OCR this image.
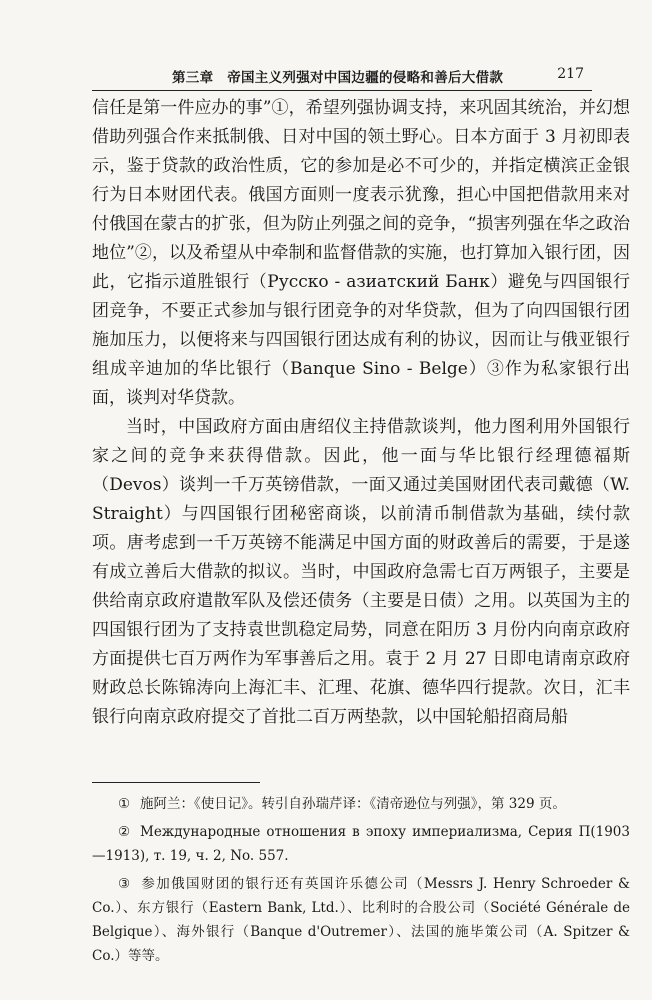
第三章　帝国主义列强对中国边疆的侵略和善后大借款	217

信任是第一件应办的事”①，希望列强协调支持，来巩固其统治，并幻想借助列强合作来抵制俄、日对中国的领土野心。日本方面于 3 月初即表示，鉴于贷款的政治性质，它的参加是必不可少的，并指定横滨正金银行为日本财团代表。俄国方面则一度表示犹豫，担心中国把借款用来对付俄国在蒙古的扩张，但为防止列强之间的竞争，“损害列强在华之政治地位”②，以及希望从中牵制和监督借款的实施，也打算加入银行团，因此，它指示道胜银行（Русско - азиатский Банк）避免与四国银行团竞争，不要正式参加与银行团竞争的对华贷款，但为了向四国银行团施加压力，以便将来与四国银行团达成有利的协议，因而让与俄亚银行组成辛迪加的华比银行（Banque Sino - Belge）③作为私家银行出面，谈判对华贷款。

当时，中国政府方面由唐绍仪主持借款谈判，他力图利用外国银行家之间的竞争来获得借款。因此，他一面与华比银行经理德福斯（Devos）谈判一千万英镑借款，一面又通过美国财团代表司戴德（W. Straight）与四国银行团秘密商谈，以前清币制借款为基础，续付款项。唐考虑到一千万英镑不能满足中国方面的财政善后的需要，于是遂有成立善后大借款的拟议。当时，中国政府急需七百万两银子，主要是供给南京政府遣散军队及偿还债务（主要是日债）之用。以英国为主的四国银行团为了支持袁世凯稳定局势，同意在阳历 3 月份内向南京政府方面提供七百万两作为军事善后之用。袁于 2 月 27 日即电请南京政府财政总长陈锦涛向上海汇丰、汇理、花旗、德华四行提款。次日，汇丰银行向南京政府提交了首批二百万两垫款，以中国轮船招商局船

① 施阿兰：《使日记》。转引自孙瑞芹译：《清帝逊位与列强》，第 329 页。

② Международные отношения в эпоху империализма, Серия П(1903—1913), т. 19, ч. 2, No. 557.

③ 参加俄国财团的银行还有英国许乐德公司（Messrs J. Henry Schroeder & Co.）、东方银行（Eastern Bank, Ltd.）、比利时的合股公司（Société Générale de Belgique）、海外银行（Banque d'Outremer）、法国的施毕策公司（A. Spitzer & Co.）等等。
